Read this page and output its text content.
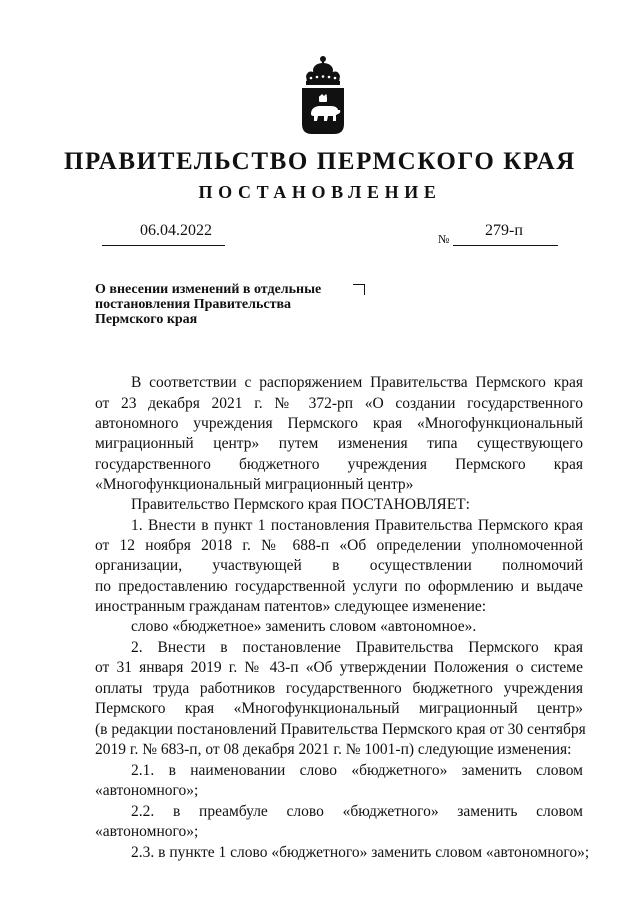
ПРАВИТЕЛЬСТВО ПЕРМСКОГО КРАЯ
ПОСТАНОВЛЕНИЕ
06.04.2022	№ 279-п
О внесении изменений в отдельные
постановления Правительства
Пермского края

В соответствии с распоряжением Правительства Пермского края

от 23 декабря 2021 г. № 372-рп «О создании государственного

автономного учреждения Пермского края «Многофункциональный

миграционный центр» путем изменения типа существующего

государственного бюджетного учреждения Пермского края

«Многофункциональный миграционный центр»

Правительство Пермского края ПОСТАНОВЛЯЕТ:

1. Внести в пункт 1 постановления Правительства Пермского края

от 12 ноября 2018 г. № 688-п «Об определении уполномоченной

организации, участвующей в осуществлении полномочий

по предоставлению государственной услуги по оформлению и выдаче

иностранным гражданам патентов» следующее изменение:

слово «бюджетное» заменить словом «автономное».

2. Внести в постановление Правительства Пермского края

от 31 января 2019 г. № 43-п «Об утверждении Положения о системе

оплаты труда работников государственного бюджетного учреждения

Пермского края «Многофункциональный миграционный центр»

(в редакции постановлений Правительства Пермского края от 30 сентября

2019 г. № 683-п, от 08 декабря 2021 г. № 1001-п) следующие изменения:

2.1. в наименовании слово «бюджетного» заменить словом

«автономного»;

2.2. в преамбуле слово «бюджетного» заменить словом

«автономного»;

2.3. в пункте 1 слово «бюджетного» заменить словом «автономного»;
